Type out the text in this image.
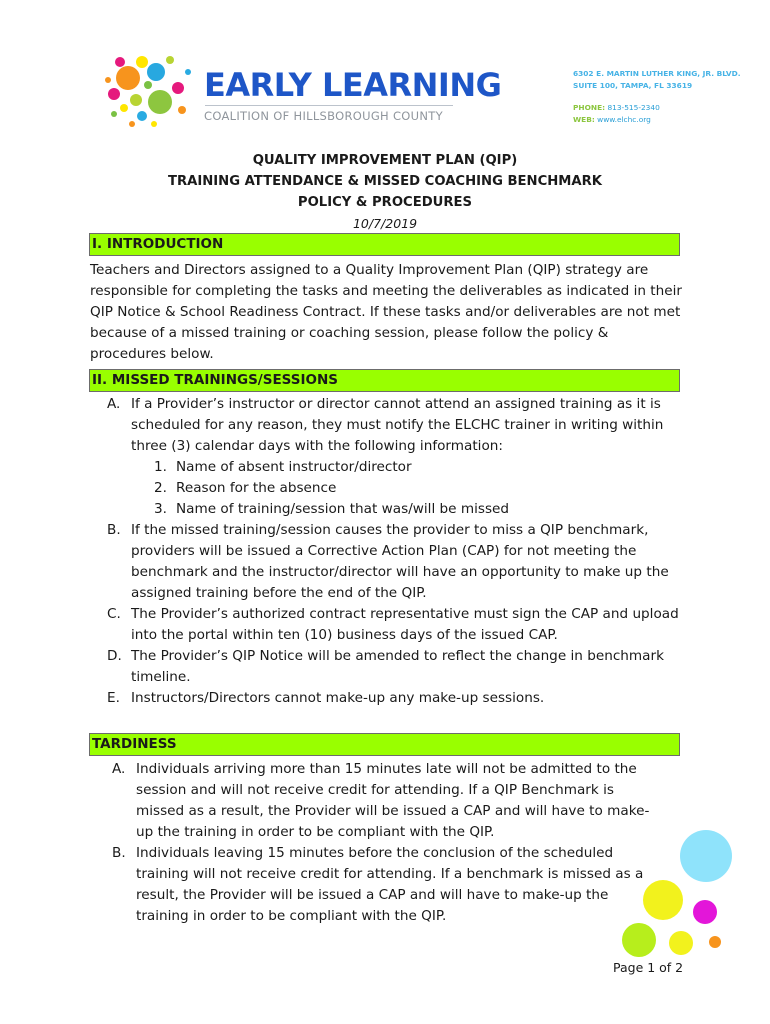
EARLY LEARNING
COALITION OF HILLSBOROUGH COUNTY
6302 E. MARTIN LUTHER KING, JR. BLVD.
SUITE 100, TAMPA, FL 33619
PHONE: 813-515-2340
WEB: www.elchc.org
QUALITY IMPROVEMENT PLAN (QIP)
TRAINING ATTENDANCE & MISSED COACHING BENCHMARK
POLICY & PROCEDURES
10/7/2019
I. INTRODUCTION
Teachers and Directors assigned to a Quality Improvement Plan (QIP) strategy are responsible for completing the tasks and meeting the deliverables as indicated in their QIP Notice & School Readiness Contract. If these tasks and/or deliverables are not met because of a missed training or coaching session, please follow the policy & procedures below.
II. MISSED TRAININGS/SESSIONS
A. If a Provider’s instructor or director cannot attend an assigned training as it is scheduled for any reason, they must notify the ELCHC trainer in writing within three (3) calendar days with the following information:
1. Name of absent instructor/director
2. Reason for the absence
3. Name of training/session that was/will be missed
B. If the missed training/session causes the provider to miss a QIP benchmark, providers will be issued a Corrective Action Plan (CAP) for not meeting the benchmark and the instructor/director will have an opportunity to make up the assigned training before the end of the QIP.
C. The Provider’s authorized contract representative must sign the CAP and upload into the portal within ten (10) business days of the issued CAP.
D. The Provider’s QIP Notice will be amended to reflect the change in benchmark timeline.
E. Instructors/Directors cannot make-up any make-up sessions.
TARDINESS
A. Individuals arriving more than 15 minutes late will not be admitted to the session and will not receive credit for attending. If a QIP Benchmark is missed as a result, the Provider will be issued a CAP and will have to make-up the training in order to be compliant with the QIP.
B. Individuals leaving 15 minutes before the conclusion of the scheduled training will not receive credit for attending. If a benchmark is missed as a result, the Provider will be issued a CAP and will have to make-up the training in order to be compliant with the QIP.
Page 1 of 2
